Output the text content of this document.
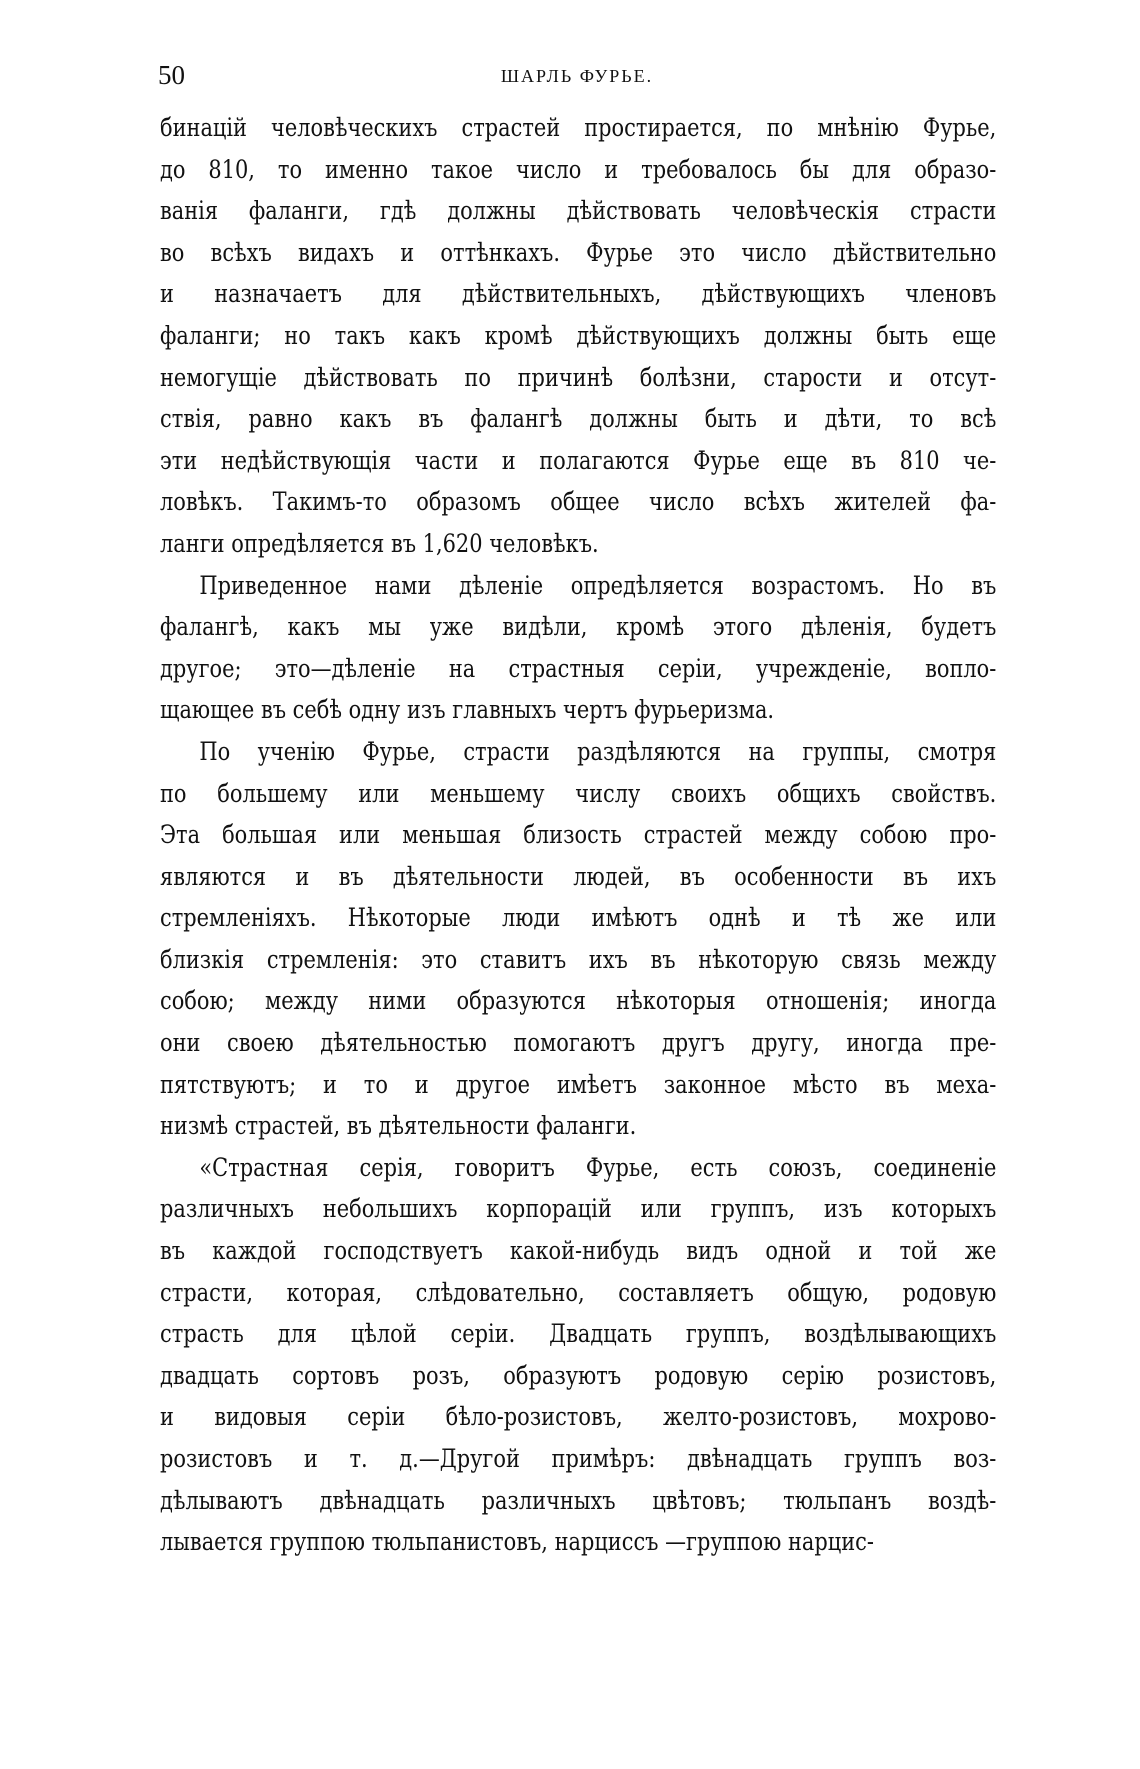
50	ШАРЛЬ ФУРЬЕ.
бинацій человѣческихъ страстей простирается, по мнѣнію Фурье,
до 810, то именно такое число и требовалось бы для образо-
ванія фаланги, гдѣ должны дѣйствовать человѣческія страсти
во всѣхъ видахъ и оттѣнкахъ. Фурье это число дѣйствительно
и назначаетъ для дѣйствительныхъ, дѣйствующихъ членовъ
фаланги; но такъ какъ кромѣ дѣйствующихъ должны быть еще
немогущіе дѣйствовать по причинѣ болѣзни, старости и отсут-
ствія, равно какъ въ фалангѣ должны быть и дѣти, то всѣ
эти недѣйствующія части и полагаются Фурье еще въ 810 че-
ловѣкъ. Такимъ-то образомъ общее число всѣхъ жителей фа-
ланги опредѣляется въ 1,620 человѣкъ.
Приведенное нами дѣленіе опредѣляется возрастомъ. Но въ
фалангѣ, какъ мы уже видѣли, кромѣ этого дѣленія, будетъ
другое; это—дѣленіе на страстныя серіи, учрежденіе, вопло-
щающее въ себѣ одну изъ главныхъ чертъ фурьеризма.
По ученію Фурье, страсти раздѣляются на группы, смотря
по большему или меньшему числу своихъ общихъ свойствъ.
Эта большая или меньшая близость страстей между собою про-
являются и въ дѣятельности людей, въ особенности въ ихъ
стремленіяхъ. Нѣкоторые люди имѣютъ однѣ и тѣ же или
близкія стремленія: это ставитъ ихъ въ нѣкоторую связь между
собою; между ними образуются нѣкоторыя отношенія; иногда
они своею дѣятельностью помогаютъ другъ другу, иногда пре-
пятствуютъ; и то и другое имѣетъ законное мѣсто въ меха-
низмѣ страстей, въ дѣятельности фаланги.
«Страстная серія, говоритъ Фурье, есть союзъ, соединеніе
различныхъ небольшихъ корпорацій или группъ, изъ которыхъ
въ каждой господствуетъ какой-нибудь видъ одной и той же
страсти, которая, слѣдовательно, составляетъ общую, родовую
страсть для цѣлой серіи. Двадцать группъ, воздѣлывающихъ
двадцать сортовъ розъ, образуютъ родовую серію розистовъ,
и видовыя серіи бѣло-розистовъ, желто-розистовъ, мохрово-
розистовъ и т. д.—Другой примѣръ: двѣнадцать группъ воз-
дѣлываютъ двѣнадцать различныхъ цвѣтовъ; тюльпанъ воздѣ-
лывается группою тюльпанистовъ, нарциссъ —группою нарцис-
